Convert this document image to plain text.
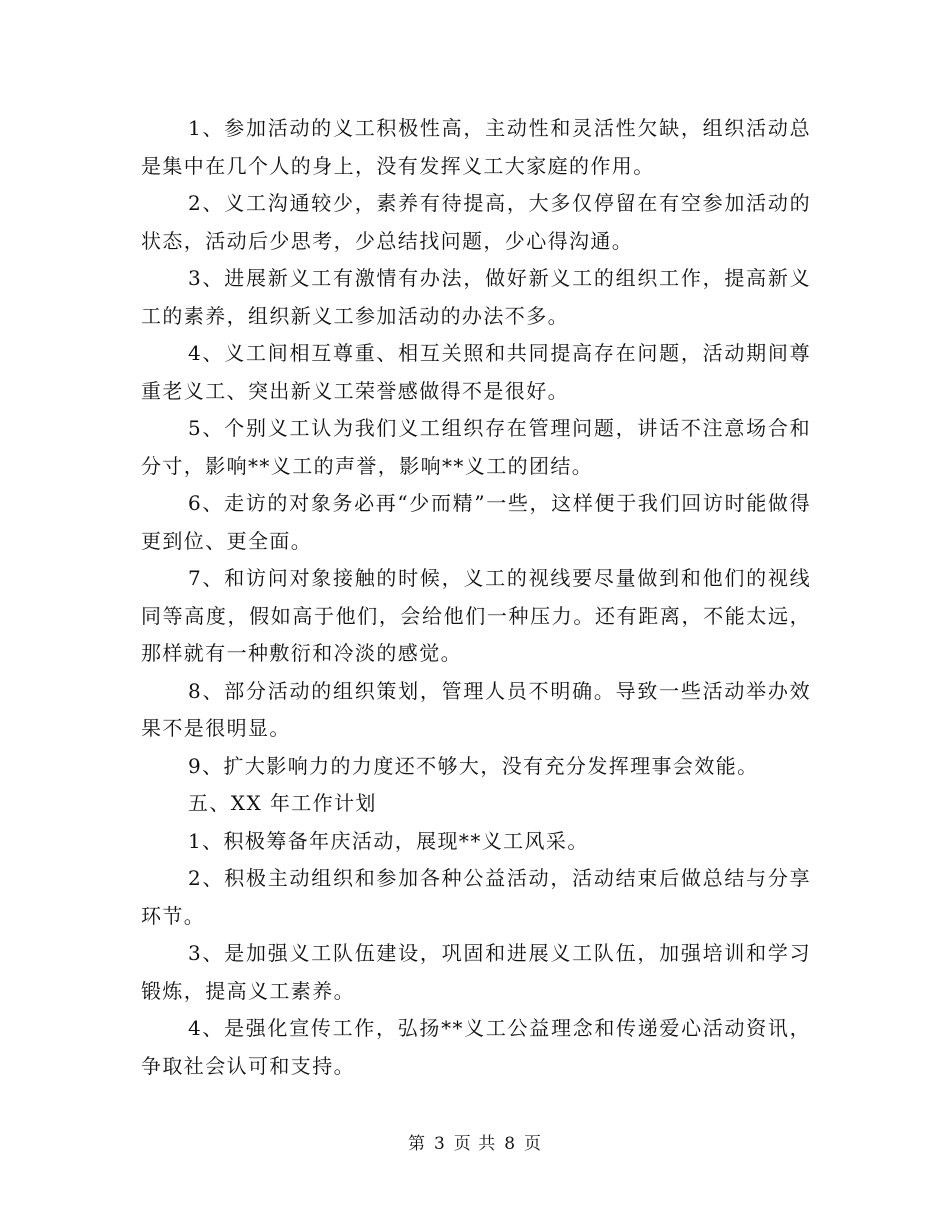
1、参加活动的义工积极性高，主动性和灵活性欠缺，组织活动总是集中在几个人的身上，没有发挥义工大家庭的作用。

2、义工沟通较少，素养有待提高，大多仅停留在有空参加活动的状态，活动后少思考，少总结找问题，少心得沟通。

3、进展新义工有激情有办法，做好新义工的组织工作，提高新义工的素养，组织新义工参加活动的办法不多。

4、义工间相互尊重、相互关照和共同提高存在问题，活动期间尊重老义工、突出新义工荣誉感做得不是很好。

5、个别义工认为我们义工组织存在管理问题，讲话不注意场合和分寸，影响**义工的声誉，影响**义工的团结。

6、走访的对象务必再“少而精”一些，这样便于我们回访时能做得更到位、更全面。

7、和访问对象接触的时候，义工的视线要尽量做到和他们的视线同等高度，假如高于他们，会给他们一种压力。还有距离，不能太远，那样就有一种敷衍和冷淡的感觉。

8、部分活动的组织策划，管理人员不明确。导致一些活动举办效果不是很明显。

9、扩大影响力的力度还不够大，没有充分发挥理事会效能。

五、XX 年工作计划

1、积极筹备年庆活动，展现**义工风采。

2、积极主动组织和参加各种公益活动，活动结束后做总结与分享环节。

3、是加强义工队伍建设，巩固和进展义工队伍，加强培训和学习锻炼，提高义工素养。

4、是强化宣传工作，弘扬**义工公益理念和传递爱心活动资讯，争取社会认可和支持。

第 3 页 共 8 页
